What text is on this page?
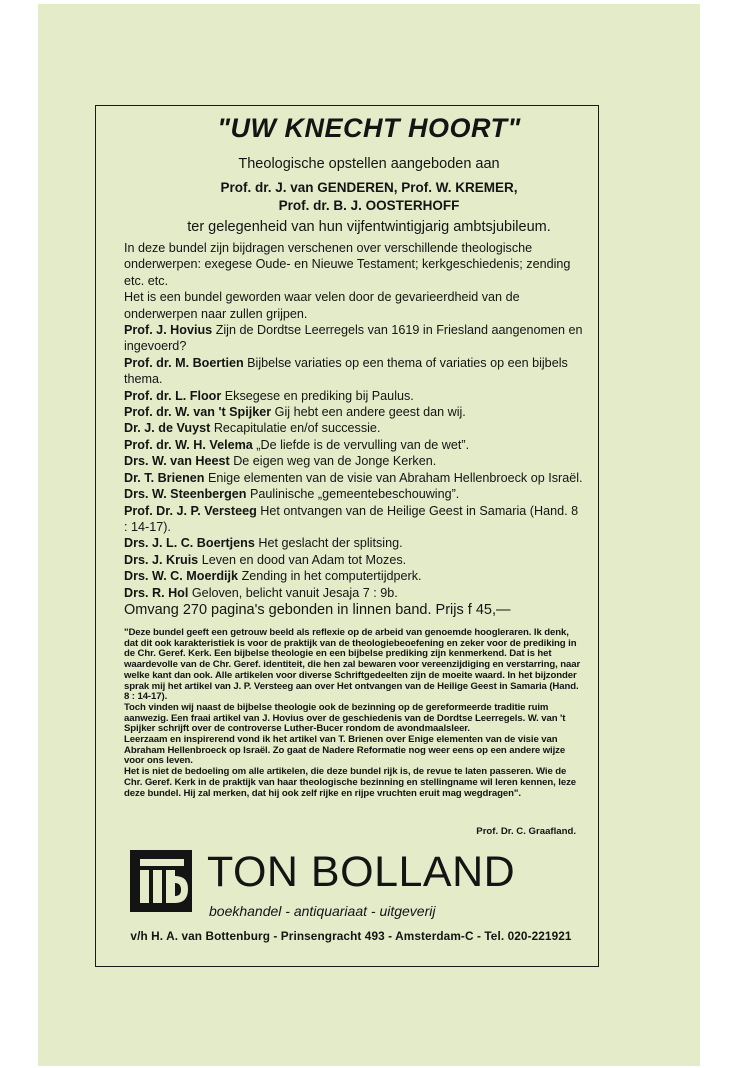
"UW KNECHT HOORT"
Theologische opstellen aangeboden aan
Prof. dr. J. van GENDEREN, Prof. W. KREMER,
Prof. dr. B. J. OOSTERHOFF
ter gelegenheid van hun vijfentwintigjarig ambtsjubileum.

In deze bundel zijn bijdragen verschenen over verschillende theologische onderwerpen: exegese Oude- en Nieuwe Testament; kerkgeschiedenis; zending etc. etc.

Het is een bundel geworden waar velen door de gevarieerdheid van de onderwerpen naar zullen grijpen.

Prof. J. Hovius Zijn de Dordtse Leerregels van 1619 in Friesland aangenomen en ingevoerd?

Prof. dr. M. Boertien Bijbelse variaties op een thema of variaties op een bijbels thema.

Prof. dr. L. Floor Eksegese en prediking bij Paulus.

Prof. dr. W. van 't Spijker Gij hebt een andere geest dan wij.

Dr. J. de Vuyst Recapitulatie en/of successie.

Prof. dr. W. H. Velema „De liefde is de vervulling van de wet”.

Drs. W. van Heest De eigen weg van de Jonge Kerken.

Dr. T. Brienen Enige elementen van de visie van Abraham Hellenbroeck op Israël.

Drs. W. Steenbergen Paulinische „gemeentebeschouwing”.

Prof. Dr. J. P. Versteeg Het ontvangen van de Heilige Geest in Samaria (Hand. 8 : 14-17).

Drs. J. L. C. Boertjens Het geslacht der splitsing.

Drs. J. Kruis Leven en dood van Adam tot Mozes.

Drs. W. C. Moerdijk Zending in het computertijdperk.

Drs. R. Hol Geloven, belicht vanuit Jesaja 7 : 9b.

Omvang 270 pagina's gebonden in linnen band. Prijs f 45,—

"Deze bundel geeft een getrouw beeld als reflexie op de arbeid van genoemde hoogleraren. Ik denk, dat dit ook karakteristiek is voor de praktijk van de theologiebeoefening en zeker voor de prediking in de Chr. Geref. Kerk. Een bijbelse theologie en een bijbelse prediking zijn kenmerkend. Dat is het waardevolle van de Chr. Geref. identiteit, die hen zal bewaren voor vereenzijdiging en verstarring, naar welke kant dan ook. Alle artikelen voor diverse Schriftgedeelten zijn de moeite waard. In het bijzonder sprak mij het artikel van J. P. Versteeg aan over Het ontvangen van de Heilige Geest in Samaria (Hand. 8 : 14-17).

Toch vinden wij naast de bijbelse theologie ook de bezinning op de gereformeerde traditie ruim aanwezig. Een fraai artikel van J. Hovius over de geschiedenis van de Dordtse Leerregels. W. van 't Spijker schrijft over de controverse Luther-Bucer rondom de avondmaalsleer.

Leerzaam en inspirerend vond ik het artikel van T. Brienen over Enige elementen van de visie van Abraham Hellenbroeck op Israël. Zo gaat de Nadere Reformatie nog weer eens op een andere wijze voor ons leven.

Het is niet de bedoeling om alle artikelen, die deze bundel rijk is, de revue te laten passeren. Wie de Chr. Geref. Kerk in de praktijk van haar theologische bezinning en stellingname wil leren kennen, leze deze bundel. Hij zal merken, dat hij ook zelf rijke en rijpe vruchten eruit mag wegdragen".

Prof. Dr. C. Graafland.
TON BOLLAND
boekhandel - antiquariaat - uitgeverij
v/h H. A. van Bottenburg - Prinsengracht 493 - Amsterdam-C - Tel. 020-221921
